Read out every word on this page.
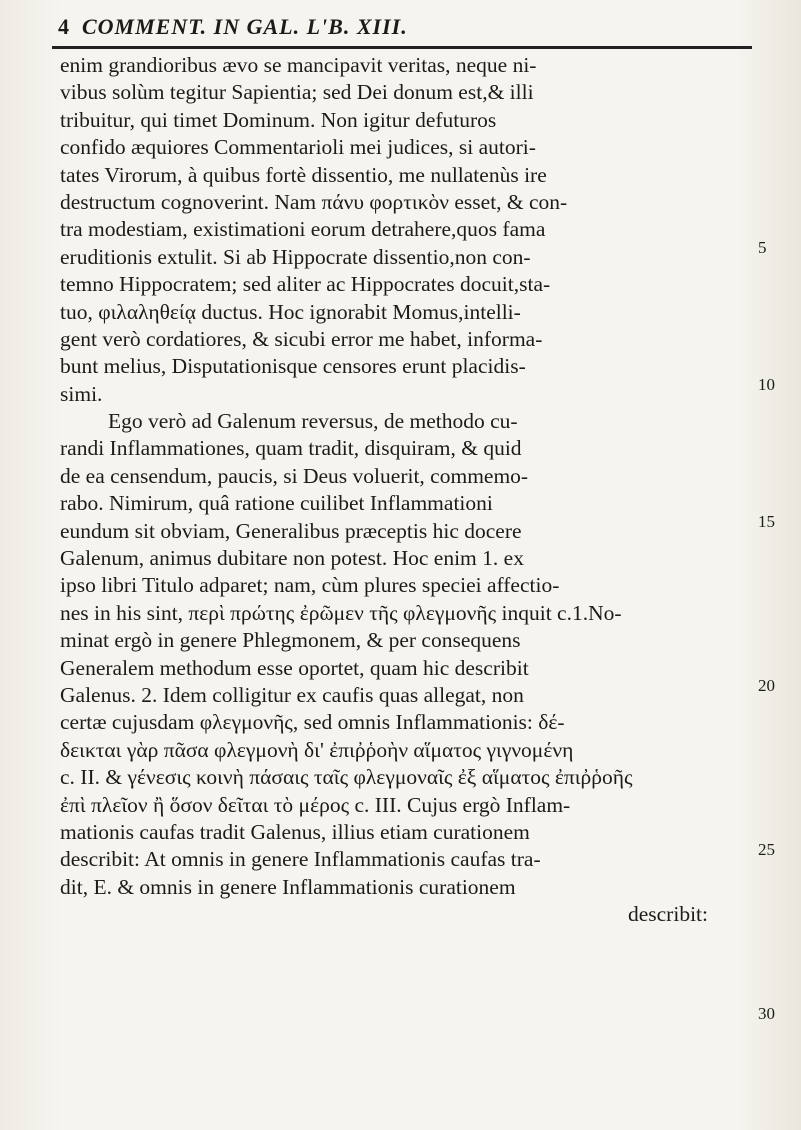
4 COMMENT. IN GAL. L'B. XIII.
enim grandioribus ævo se mancipavit veritas, neque ni-
vibus solùm tegitur Sapientia; sed Dei donum est,& illi
tribuitur, qui timet Dominum. Non igitur defuturos
confido æquiores Commentarioli mei judices, si autori-
tates Virorum, à quibus fortè dissentio, me nullatenùs ire
destructum cognoverint. Nam πάνυ φορτικὸν esset, & con-
tra modestiam, existimationi eorum detrahere,quos fama
eruditionis extulit. Si ab Hippocrate dissentio,non con-
temno Hippocratem; sed aliter ac Hippocrates docuit,sta-
tuo, φιλαληθείᾳ ductus. Hoc ignorabit Momus,intelli-
gent verò cordatiores, & sicubi error me habet, informa-
bunt melius, Disputationisque censores erunt placidis-
simi.
Ego verò ad Galenum reversus, de methodo cu-
randi Inflammationes, quam tradit, disquiram, & quid
de ea censendum, paucis, si Deus voluerit, commemo-
rabo. Nimirum, quâ ratione cuilibet Inflammationi
eundum sit obviam, Generalibus præceptis hic docere
Galenum, animus dubitare non potest. Hoc enim 1. ex
ipso libri Titulo adparet; nam, cùm plures speciei affectio-
nes in his sint, περὶ πρώτης ἐρῶμεν τῆς φλεγμονῆς inquit c.1.No-
minat ergò in genere Phlegmonem, & per consequens
Generalem methodum esse oportet, quam hic describit
Galenus. 2. Idem colligitur ex caufis quas allegat, non
certæ cujusdam φλεγμονῆς, sed omnis Inflammationis: δέ-
δεικται γὰρ πᾶσα φλεγμονὴ δι' ἐπιῤῥοὴν αἵματος γιγνομένη
c. II. & γένεσις κοινὴ πάσαις ταῖς φλεγμοναῖς ἐξ αἵματος ἐπιῤῥοῆς
ἐπὶ πλεῖον ἢ ὅσον δεῖται τὸ μέρος c. III. Cujus ergò Inflam-
mationis caufas tradit Galenus, illius etiam curationem
describit: At omnis in genere Inflammationis caufas tra-
dit, E. & omnis in genere Inflammationis curationem
describit:
5
10
15
20
25
30
